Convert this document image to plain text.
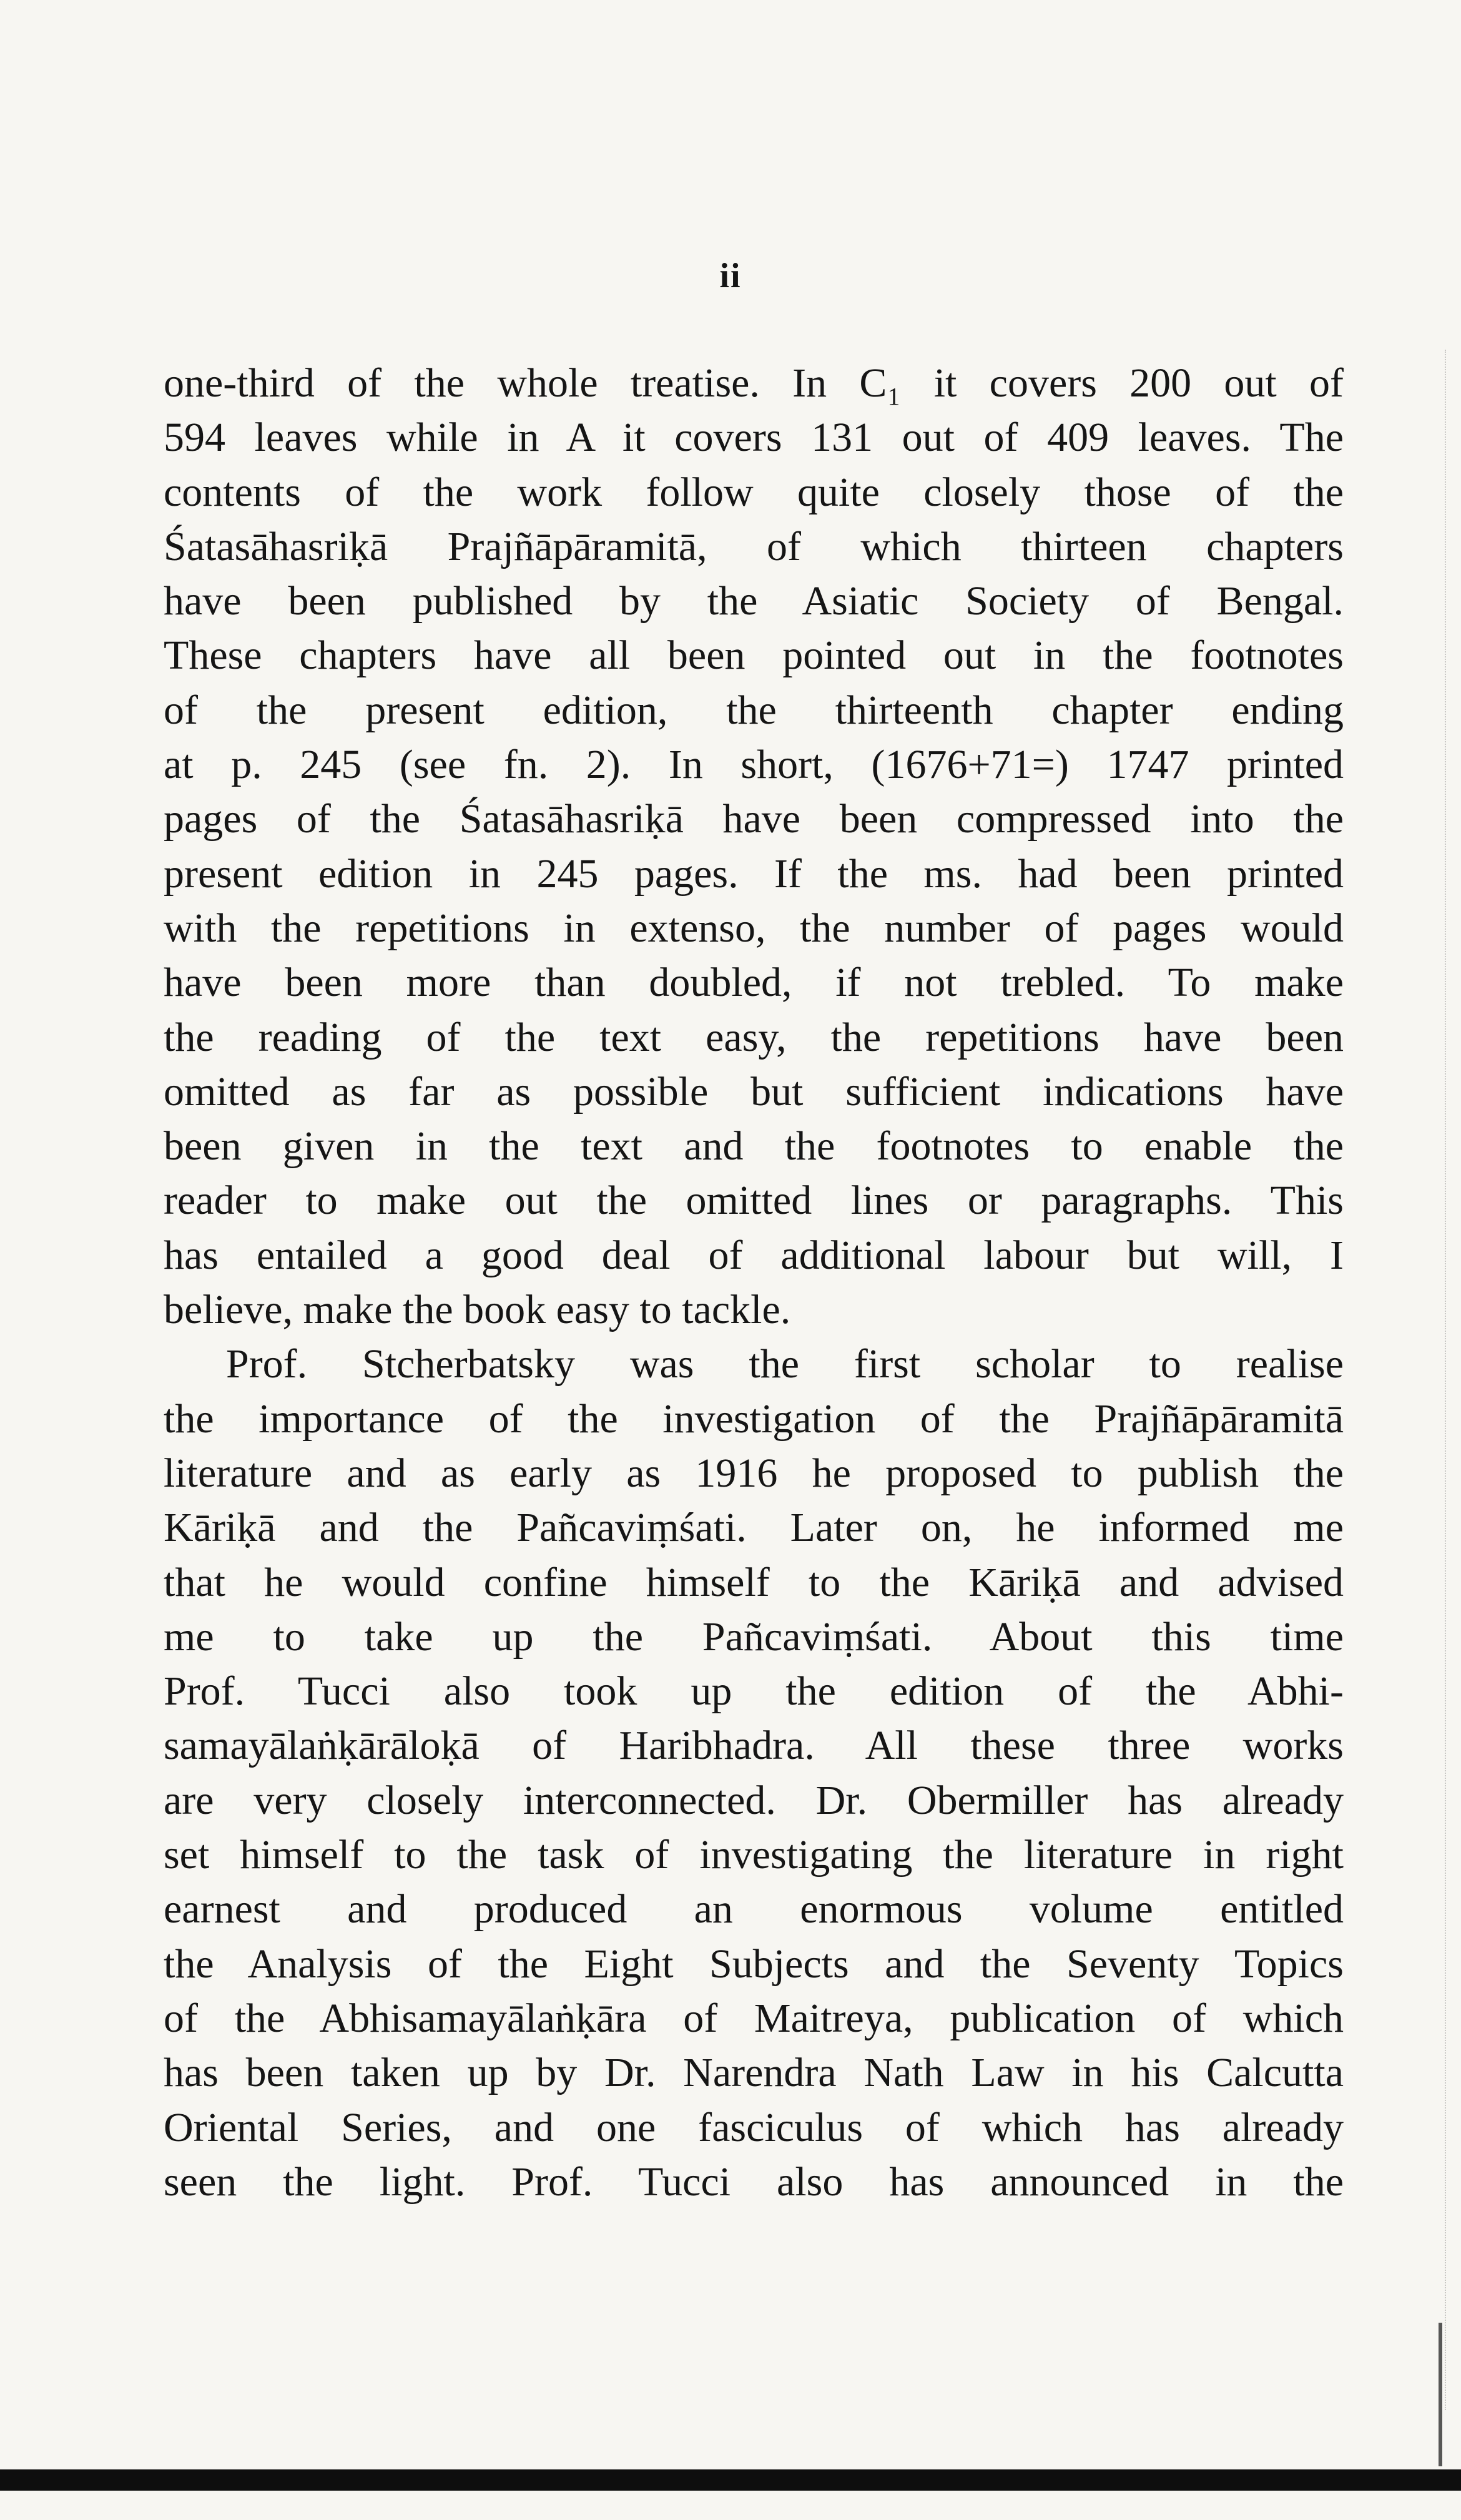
ii
one-third of the whole treatise. In C₁ it covers 200 out of
594 leaves while in A it covers 131 out of 409 leaves. The
contents of the work follow quite closely those of the
Śatasāhasriḳā Prajñāpāramitā, of which thirteen chapters
have been published by the Asiatic Society of Bengal.
These chapters have all been pointed out in the footnotes
of the present edition, the thirteenth chapter ending
at p. 245 (see fn. 2). In short, (1676+71=) 1747 printed
pages of the Śatasāhasriḳā have been compressed into the
present edition in 245 pages. If the ms. had been printed
with the repetitions in extenso, the number of pages would
have been more than doubled, if not trebled. To make
the reading of the text easy, the repetitions have been
omitted as far as possible but sufficient indications have
been given in the text and the footnotes to enable the
reader to make out the omitted lines or paragraphs. This
has entailed a good deal of additional labour but will, I
believe, make the book easy to tackle.
Prof. Stcherbatsky was the first scholar to realise
the importance of the investigation of the Prajñāpāramitā
literature and as early as 1916 he proposed to publish the
Kāriḳā and the Pañcaviṃśati. Later on, he informed me
that he would confine himself to the Kāriḳā and advised
me to take up the Pañcaviṃśati. About this time
Prof. Tucci also took up the edition of the Abhi-
samayālaṅḳārāloḳā of Haribhadra. All these three works
are very closely interconnected. Dr. Obermiller has already
set himself to the task of investigating the literature in right
earnest and produced an enormous volume entitled
the Analysis of the Eight Subjects and the Seventy Topics
of the Abhisamayālaṅḳāra of Maitreya, publication of which
has been taken up by Dr. Narendra Nath Law in his Calcutta
Oriental Series, and one fasciculus of which has already
seen the light. Prof. Tucci also has announced in the
